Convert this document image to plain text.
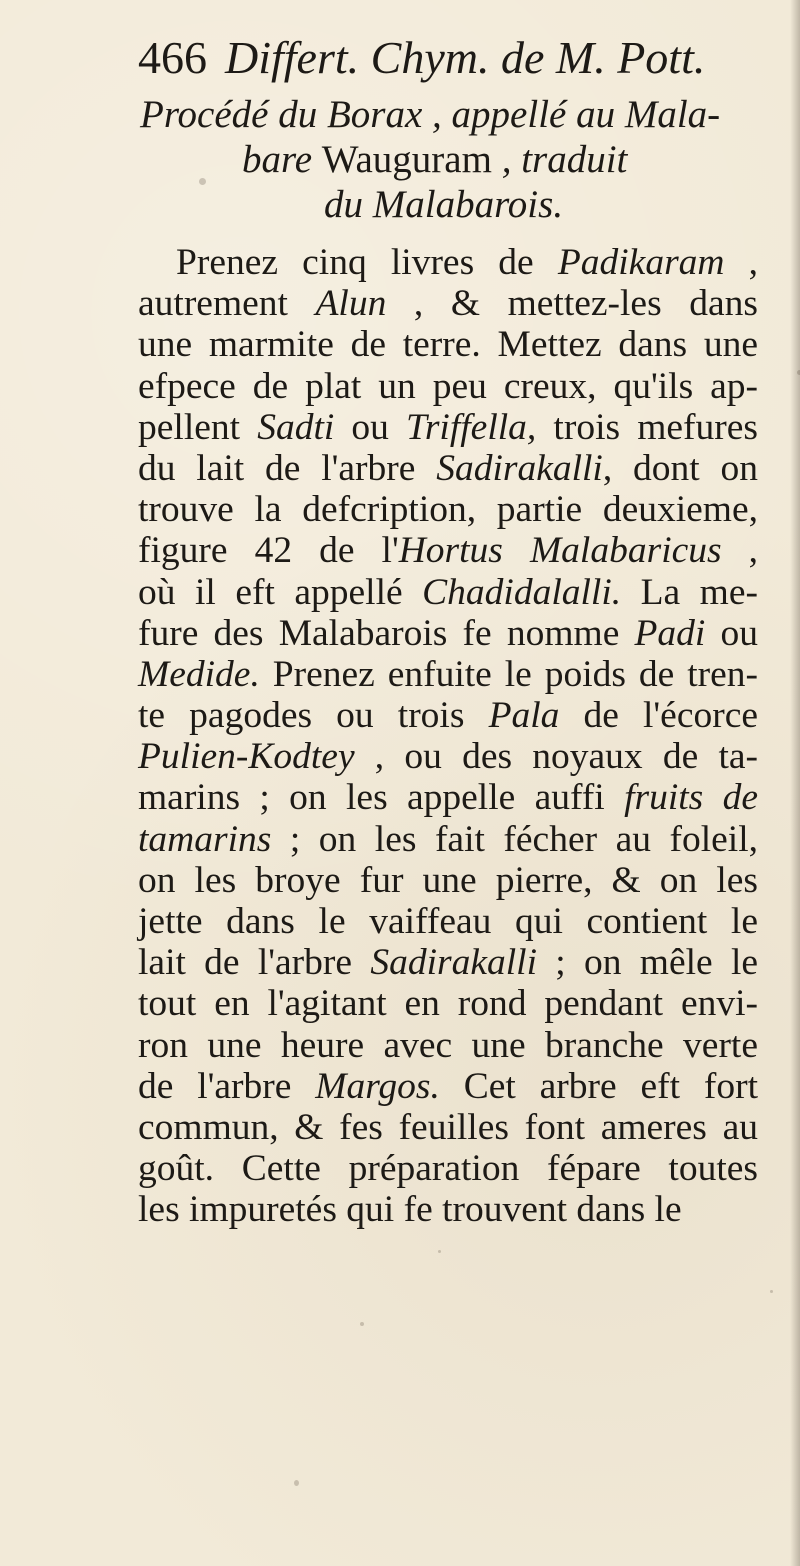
466 Differt. Chym. de M. Pott.
Procédé du Borax , appellé au Mala-
bare Wauguram , traduit
du Malabarois.
Prenez cinq livres de Padikaram ,
autrement Alun , & mettez-les dans
une marmite de terre. Mettez dans une
efpece de plat un peu creux, qu'ils ap-
pellent Sadti ou Triffella, trois mefures
du lait de l'arbre Sadirakalli, dont on
trouve la defcription, partie deuxieme,
figure 42 de l'Hortus Malabaricus ,
où il eft appellé Chadidalalli. La me-
fure des Malabarois fe nomme Padi ou
Medide. Prenez enfuite le poids de tren-
te pagodes ou trois Pala de l'écorce
Pulien-Kodtey , ou des noyaux de ta-
marins ; on les appelle auffi fruits de
tamarins ; on les fait fécher au foleil,
on les broye fur une pierre, & on les
jette dans le vaiffeau qui contient le
lait de l'arbre Sadirakalli ; on mêle le
tout en l'agitant en rond pendant envi-
ron une heure avec une branche verte
de l'arbre Margos. Cet arbre eft fort
commun, & fes feuilles font ameres au
goût. Cette préparation fépare toutes
les impuretés qui fe trouvent dans le
